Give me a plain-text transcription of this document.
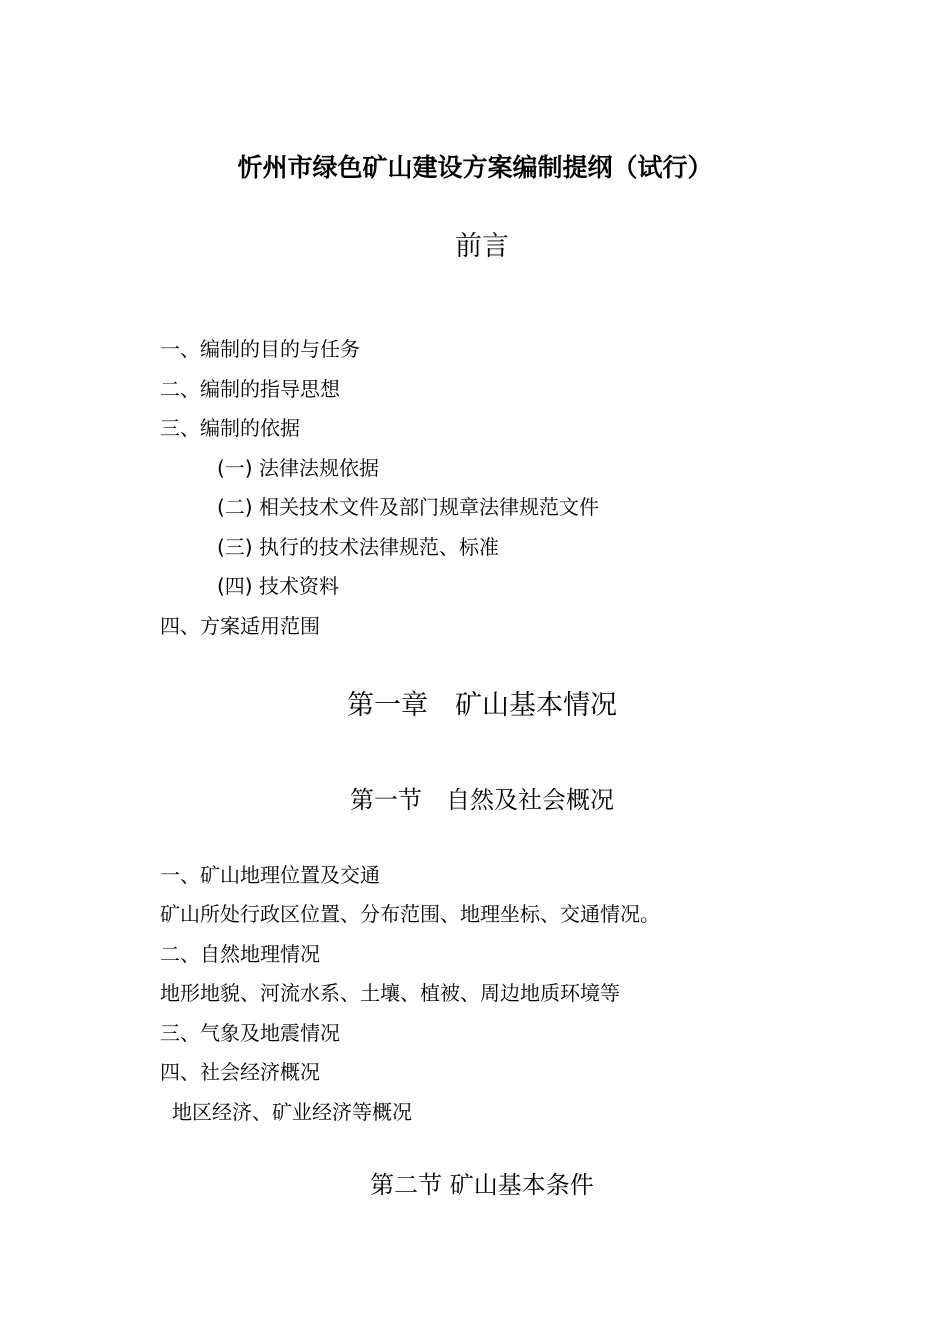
忻州市绿色矿山建设方案编制提纲（试行）
前言
一、编制的目的与任务
二、编制的指导思想
三、编制的依据
(一) 法律法规依据
(二) 相关技术文件及部门规章法律规范文件
(三) 执行的技术法律规范、标准
(四) 技术资料
四、方案适用范围
第一章　矿山基本情况
第一节　自然及社会概况
一、矿山地理位置及交通
矿山所处行政区位置、分布范围、地理坐标、交通情况。
二、自然地理情况
地形地貌、河流水系、土壤、植被、周边地质环境等
三、气象及地震情况
四、社会经济概况
地区经济、矿业经济等概况
第二节 矿山基本条件
